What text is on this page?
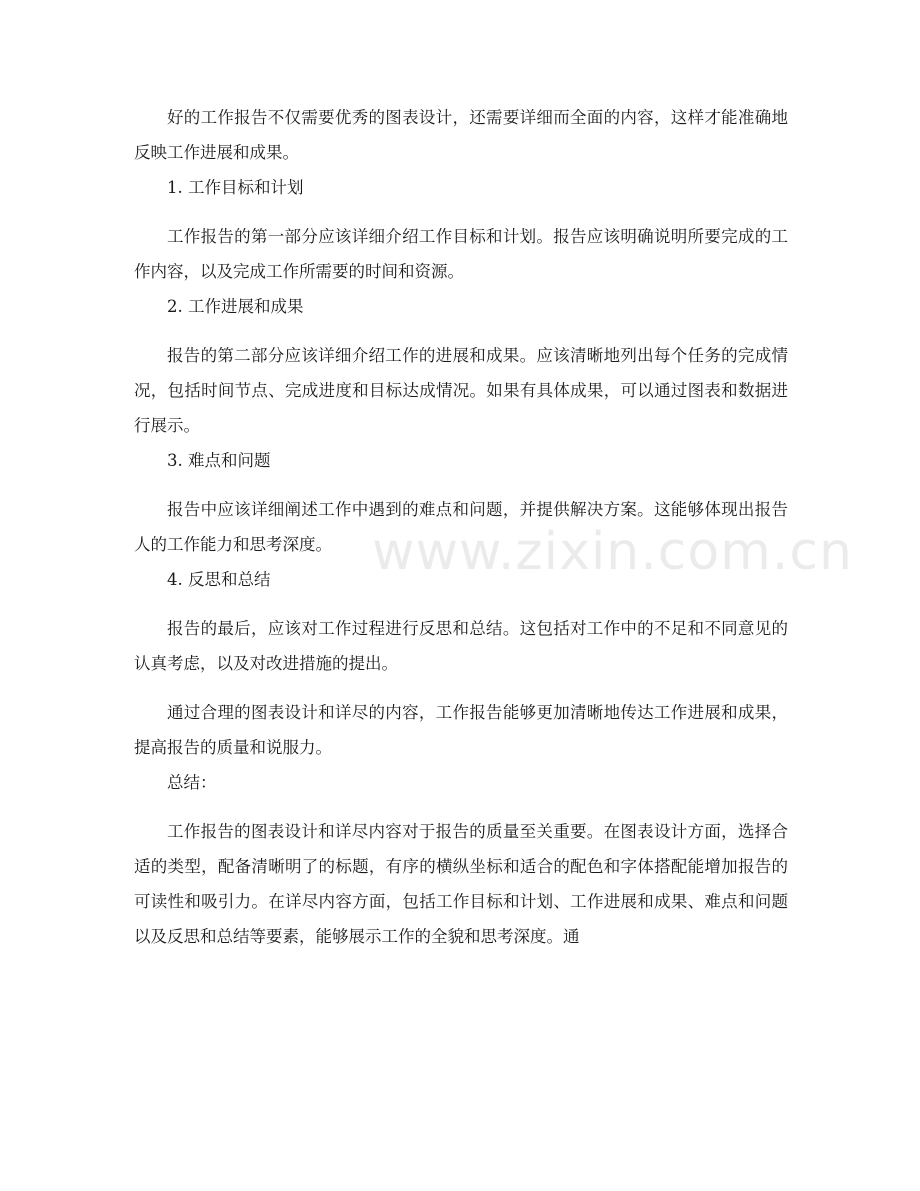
好的工作报告不仅需要优秀的图表设计，还需要详细而全面的内容，这样才能准确地反映工作进展和成果。

1. 工作目标和计划

工作报告的第一部分应该详细介绍工作目标和计划。报告应该明确说明所要完成的工作内容，以及完成工作所需要的时间和资源。

2. 工作进展和成果

报告的第二部分应该详细介绍工作的进展和成果。应该清晰地列出每个任务的完成情况，包括时间节点、完成进度和目标达成情况。如果有具体成果，可以通过图表和数据进行展示。

3. 难点和问题

报告中应该详细阐述工作中遇到的难点和问题，并提供解决方案。这能够体现出报告人的工作能力和思考深度。

4. 反思和总结

报告的最后，应该对工作过程进行反思和总结。这包括对工作中的不足和不同意见的认真考虑，以及对改进措施的提出。

通过合理的图表设计和详尽的内容，工作报告能够更加清晰地传达工作进展和成果，提高报告的质量和说服力。

总结：

工作报告的图表设计和详尽内容对于报告的质量至关重要。在图表设计方面，选择合适的类型，配备清晰明了的标题，有序的横纵坐标和适合的配色和字体搭配能增加报告的可读性和吸引力。在详尽内容方面，包括工作目标和计划、工作进展和成果、难点和问题以及反思和总结等要素，能够展示工作的全貌和思考深度。通

www.zixin.com.cn
